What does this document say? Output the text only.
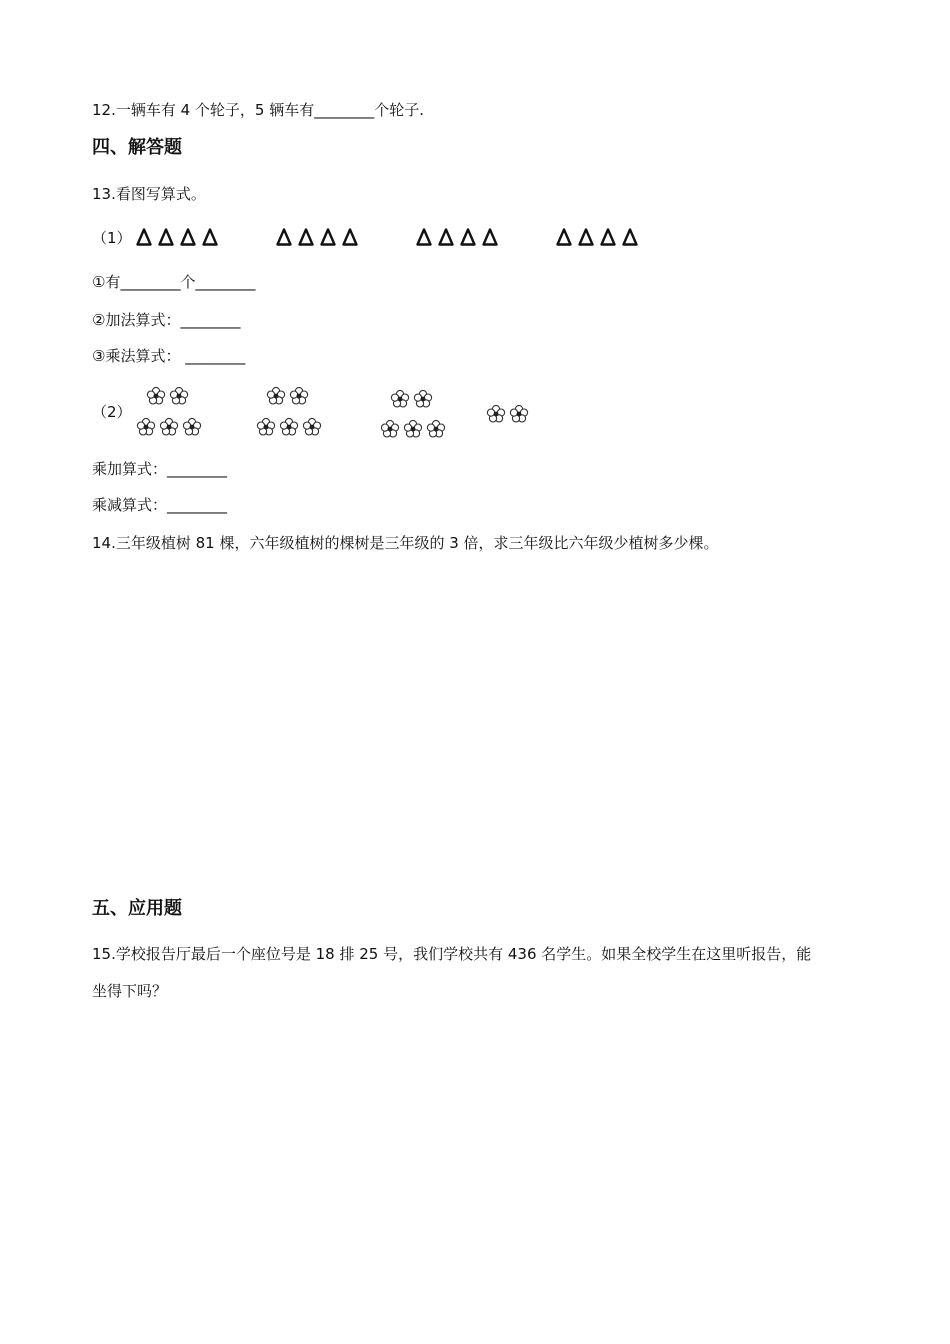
12.一辆车有 4 个轮子，5 辆车有________个轮子.
四、解答题
13.看图写算式。
（1）
①有________个________
②加法算式：________
③乘法算式： ________
（2）
乘加算式：________
乘减算式：________
14.三年级植树 81 棵，六年级植树的棵树是三年级的 3 倍，求三年级比六年级少植树多少棵。
五、应用题
15.学校报告厅最后一个座位号是 18 排 25 号，我们学校共有 436 名学生。如果全校学生在这里听报告，能
坐得下吗？
